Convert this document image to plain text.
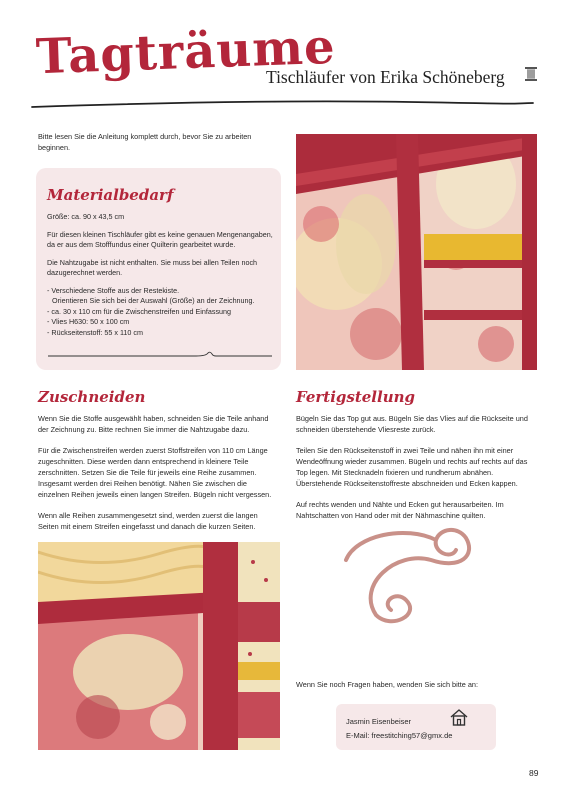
Tagträume
Tischläufer von Erika Schöneberg
Bitte lesen Sie die Anleitung komplett durch, bevor Sie zu arbeiten beginnen.
Materialbedarf

Größe: ca. 90 x 43,5 cm

Für diesen kleinen Tischläufer gibt es keine genauen Mengenangaben, da er aus dem Stofffundus einer Quilterin gearbeitet wurde.

Die Nahtzugabe ist nicht enthalten. Sie muss bei allen Teilen noch dazugerechnet werden.

- Verschiedene Stoffe aus der Restekiste.
Orientieren Sie sich bei der Auswahl (Größe) an der Zeichnung.
- ca. 30 x 110 cm für die Zwischenstreifen und Einfassung
- Vlies H630: 50 x 100 cm
- Rückseitenstoff: 55 x 110 cm
Zuschneiden

Wenn Sie die Stoffe ausgewählt haben, schneiden Sie die Teile anhand der Zeichnung zu. Bitte rechnen Sie immer die Nahtzugabe dazu.

Für die Zwischenstreifen werden zuerst Stoffstreifen von 110 cm Länge zugeschnitten. Diese werden dann entsprechend in kleinere Teile zerschnitten. Setzen Sie die Teile für jeweils eine Reihe zusammen. Insgesamt werden drei Reihen benötigt. Nähen Sie zwischen die einzelnen Reihen jeweils einen langen Streifen. Bügeln nicht vergessen.

Wenn alle Reihen zusammengesetzt sind, werden zuerst die langen Seiten mit einem Streifen eingefasst und danach die kurzen Seiten.

Fertigstellung

Bügeln Sie das Top gut aus. Bügeln Sie das Vlies auf die Rückseite und schneiden überstehende Vliesreste zurück.

Teilen Sie den Rückseitenstoff in zwei Teile und nähen ihn mit einer Wendeöffnung wieder zusammen. Bügeln und rechts auf rechts auf das Top legen. Mit Stecknadeln fixieren und rundherum abnähen. Überstehende Rückseitenstoffreste abschneiden und Ecken kappen.

Auf rechts wenden und Nähte und Ecken gut herausarbeiten. Im Nahtschatten von Hand oder mit der Nähmaschine quilten.

Wenn Sie noch Fragen haben, wenden Sie sich bitte an:
Jasmin Eisenbeiser
E-Mail: freestitching57@gmx.de
89
